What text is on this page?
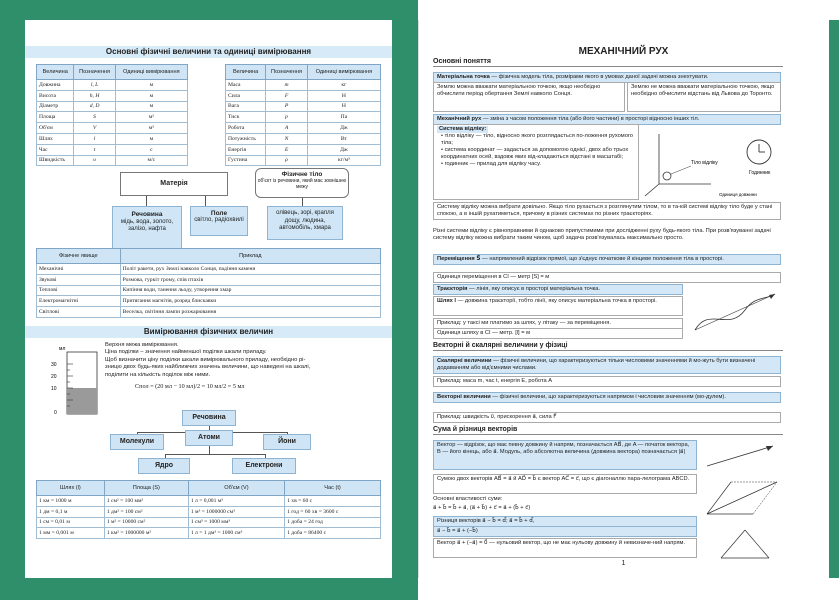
Основні фізичні величини та одиниці вимірювання
Величина	Позначення	Одиниці вимірювання
Довжина	l, L	м
Висота	h, H	м
Діаметр	d, D	м
Площа	S	м²
Об'єм	V	м³
Шлях	l	м
Час	t	с
Швидкість	υ	м/с
Величина	Позначення	Одиниці вимірювання
Маса	m	кг
Сила	F	Н
Вага	P	Н
Тиск	p	Па
Робота	A	Дж
Потужність	N	Вт
Енергія	E	Дж
Густина	ρ	кг/м³
Матерія
Речовина
мідь, вода, золото, залізо, нафта
Поле
світло, радіохвилі
Фізичне тіло
об'єкт із речовини, який має зовнішню межу
олівець, зорі, крапля дощу, людина, автомобіль, хмара
Фізичне явище	Приклад
Механічні	Політ ракети, рух Землі навколо Сонця, падіння каменя
Звукові	Розмова, гуркіт грому, спів птахів
Теплові	Кипіння води, танення льоду, утворення хмар
Електромагнітні	Притягання магнітів, розряд блискавки
Світлові	Веселка, світіння лампи розжарювання
Вимірювання фізичних величин
мл
30
20
10
0
Верхня межа вимірювання.
Ціна поділки – значення найменшої поділки шкали приладу.
Щоб визначити ціну поділки шкали вимірювального приладу, необхідно рі-
зницю двох будь-яких найближчих значень величини, що наведені на шкалі,
поділити на кількість поділок між ними.
Cпол = (20 мл − 10 мл)/2 = 10 мл/2 = 5 мл
Речовина
Молекули
Атоми
Йони
Ядро	Електрони
Шлях (l)	Площа (S)	Об'єм (V)	Час (t)
1 км = 1000 м	1 см² = 100 мм²	1 л = 0,001 м³	1 хв = 60 с
1 дм = 0,1 м	1 дм² = 100 см²	1 м³ = 1000000 см³	1 год = 60 хв = 3600 с
1 см = 0,01 м	1 м² = 10000 см²	1 см³ = 1000 мм³	1 доба = 24 год
1 мм = 0,001 м	1 км² = 1000000 м²	1 л = 1 дм³ = 1000 см³	1 доба = 86400 с
МЕХАНІЧНИЙ РУХ
Основні поняття
Матеріальна точка — фізична модель тіла, розмірами якого в умовах даної задачі можна знехтувати.
Землю можна вважати матеріальною точкою, якщо необхідно обчислити період обертання Землі навколо Сонця.
Землю не можна вважати матеріальною точкою, якщо необхідно обчислити відстань від Львова до Торонто.
Механічний рух — зміна з часом положення тіла (або його частини) в просторі відносно інших тіл.
Система відліку:
• тіло відліку — тіло, відносно якого розглядається по-ложення рухомого тіла;
• система координат — задається за допомогою однієї, двох або трьох координатних осей, вздовж яких від-кладаються відстані в масштабі;
• годинник — прилад для відліку часу.	Тіло відліку
Годинник
Одиниця довжини
Систему відліку можна вибрати довільно. Якщо тіло рухається з розглянутим тілом, то в та-кій системі відліку тіло буде у стані спокою, а в іншій рухатиметься, причому в різних системах по різних траєкторіях.
Різні системи відліку є рівноправними й однаково припустимими при дослідженні руху будь-якого тіла. При розв'язуванні задачі систему відліку можна вибрати таким чином, щоб задача розв'язувалась максимально просто.
Переміщення S⃗ — напрямлений відрізок прямої, що з'єднує початкове й кінцеве положення тіла в просторі.
Одиниця переміщення в СІ — метр [S] = м
Траєкторія — лінія, яку описує в просторі матеріальна точка.
Шлях l — довжина траєкторії, тобто лінії, яку описує матеріальна точка в просторі.
Приклад: у таксі ми платимо за шлях, у літаку — за переміщення.
Одиниця шляху в СІ — метр. [l] = м
Векторні й скалярні величини у фізиці
Скалярні величини — фізичні величини, що характеризуються тільки числовими значеннями й мо-жуть бути визначені додаванням або від'ємними числами.
Приклад: маса m, час t, енергія E, робота A
Векторні величини — фізичні величини, що характеризуються напрямом і числовим значенням (мо-дулем).
Приклад: швидкість υ⃗, прискорення a⃗, сила F⃗
Сума й різниця векторів
Вектор — відрізок, що має певну довжину й напрям, позначається AB⃗, де A — початок вектора, B — його кінець, або a⃗. Модуль, або абсолютна величина (довжина вектора) позначається |a⃗|
Сумою двох векторів AB⃗ = a⃗ й AD⃗ = b⃗ є вектор AC⃗ = c⃗, що є діагоналлю пара-лелограма ABCD.
Основні властивості суми:
a⃗ + b⃗ = b⃗ + a⃗, (a⃗ + b⃗) + c⃗ = a⃗ + (b⃗ + c⃗)
Різниця векторів a⃗ − b⃗ = d⃗; a⃗ = b⃗ + d⃗,
a⃗ − b⃗ = a⃗ + (−b⃗)
Вектор a⃗ + (−a⃗) = 0⃗ — нульовий вектор, що не має нульову довжину й невизначе-ний напрям.
1
